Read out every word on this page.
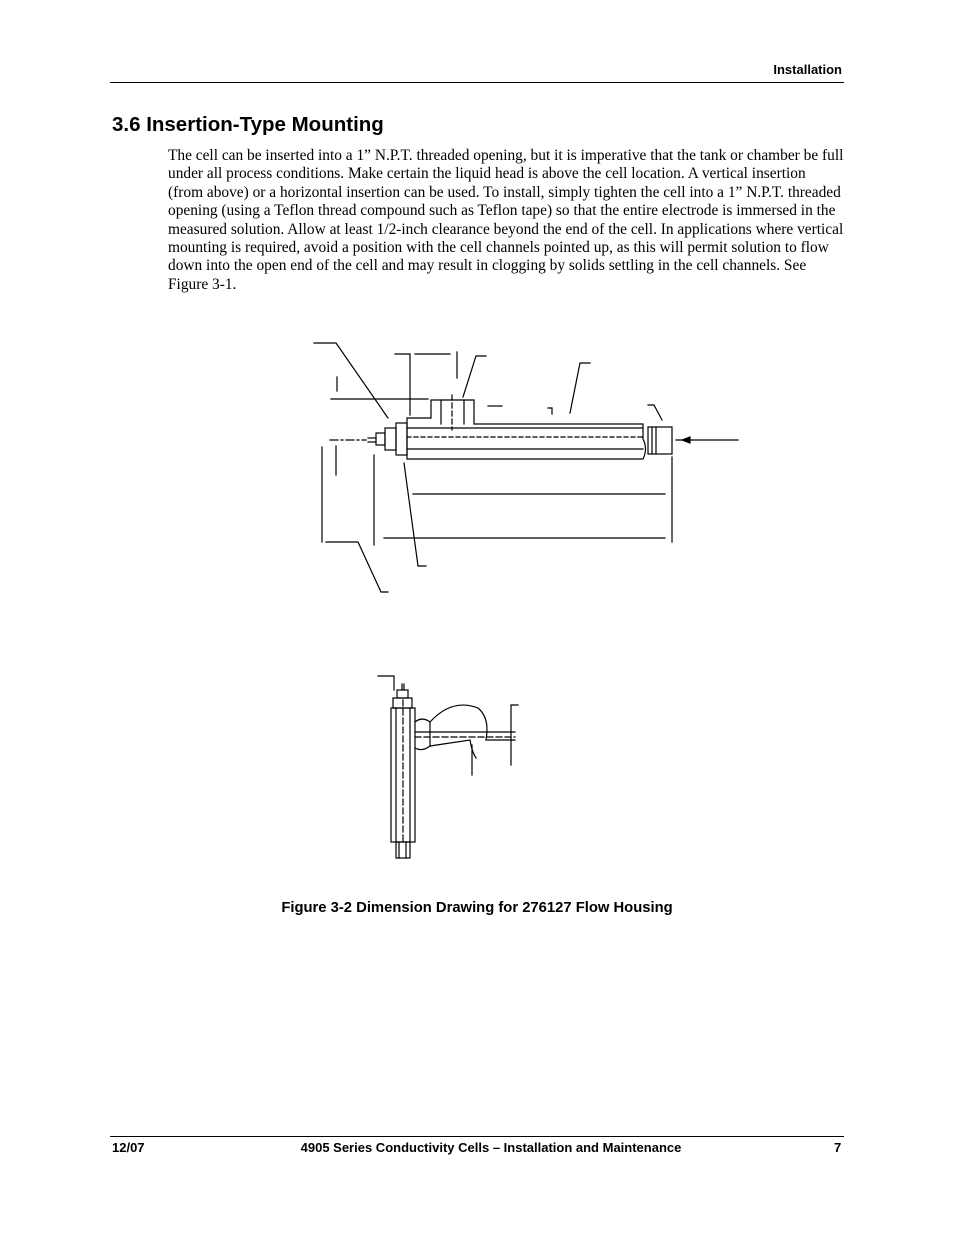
Installation
3.6 Insertion-Type Mounting
The cell can be inserted into a 1” N.P.T. threaded opening, but it is imperative that the tank or chamber be full under all process conditions. Make certain the liquid head is above the cell location. A vertical insertion (from above) or a horizontal insertion can be used. To install, simply tighten the cell into a 1” N.P.T. threaded opening (using a Teflon thread compound such as Teflon tape) so that the entire electrode is immersed in the measured solution. Allow at least 1/2-inch clearance beyond the end of the cell. In applications where vertical mounting is required, avoid a position with the cell channels pointed up, as this will permit solution to flow down into the open end of the cell and may result in clogging by solids settling in the cell channels. See Figure 3-1.
Figure 3-2 Dimension Drawing for 276127 Flow Housing
12/07	4905 Series Conductivity Cells – Installation and Maintenance	7
